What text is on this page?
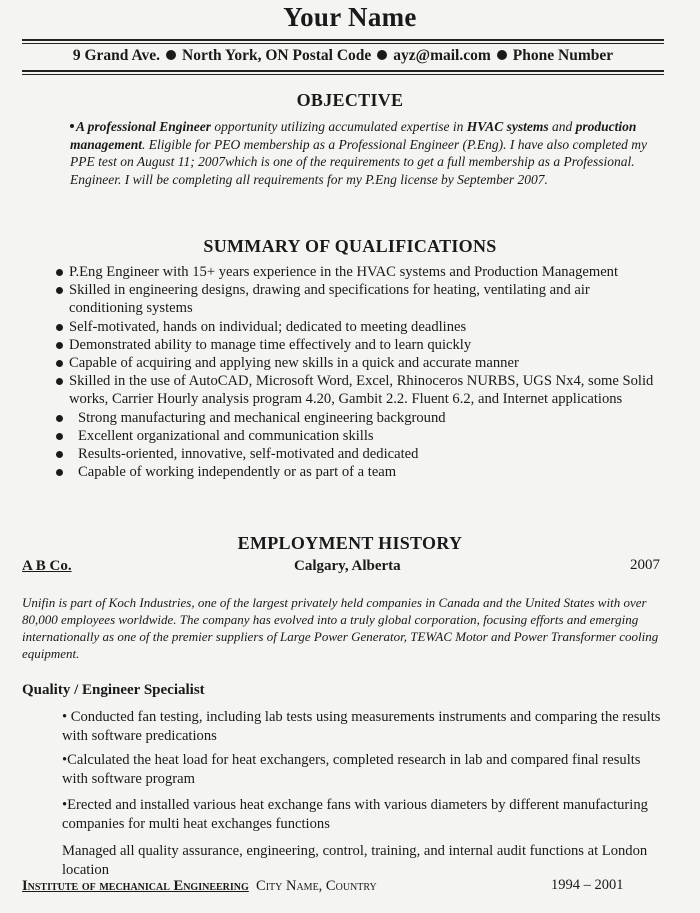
Your Name
9 Grand Ave. North York, ON Postal Code ayz@mail.com Phone Number
OBJECTIVE
A professional Engineer opportunity utilizing accumulated expertise in HVAC systems and production management. Eligible for PEO membership as a Professional Engineer (P.Eng). I have also completed my PPE test on August 11; 2007which is one of the requirements to get a full membership as a Professional. Engineer. I will be completing all requirements for my P.Eng license by September 2007.
SUMMARY OF QUALIFICATIONS
P.Eng Engineer with 15+ years experience in the HVAC systems and Production Management
Skilled in engineering designs, drawing and specifications for heating, ventilating and air conditioning systems
Self-motivated, hands on individual; dedicated to meeting deadlines
Demonstrated ability to manage time effectively and to learn quickly
Capable of acquiring and applying new skills in a quick and accurate manner
Skilled in the use of AutoCAD, Microsoft Word, Excel, Rhinoceros NURBS, UGS Nx4, some Solid works, Carrier Hourly analysis program 4.20, Gambit 2.2. Fluent 6.2, and Internet applications
Strong manufacturing and mechanical engineering background
Excellent organizational and communication skills
Results-oriented, innovative, self-motivated and dedicated
Capable of working independently or as part of a team
EMPLOYMENT HISTORY
A B Co.	Calgary, Alberta	2007
Unifin is part of Koch Industries, one of the largest privately held companies in Canada and the United States with over 80,000 employees worldwide. The company has evolved into a truly global corporation, focusing efforts and emerging internationally as one of the premier suppliers of Large Power Generator, TEWAC Motor and Power Transformer cooling equipment.
Quality / Engineer Specialist
• Conducted fan testing, including lab tests using measurements instruments and comparing the results with software predications
•Calculated the heat load for heat exchangers, completed research in lab and compared final results with software program
•Erected and installed various heat exchange fans with various diameters by different manufacturing companies for multi heat exchanges functions
Managed all quality assurance, engineering, control, training, and internal audit functions at London location
Institute of mechanical Engineering City Name, Country	1994 – 2001
